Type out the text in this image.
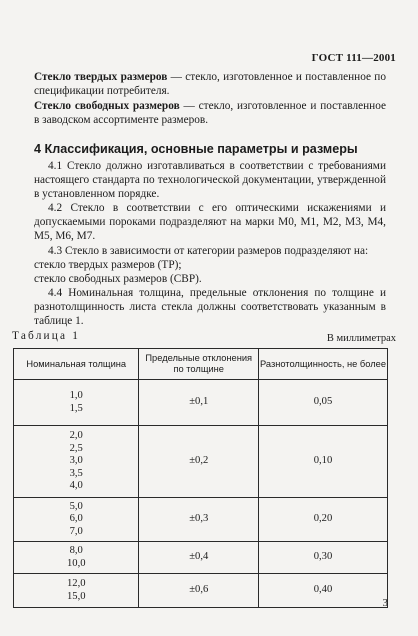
ГОСТ 111—2001

Стекло твердых размеров — стекло, изготовленное и поставленное по спецификации потребителя.

Стекло свободных размеров — стекло, изготовленное и поставленное в заводском ассортименте размеров.

4 Классификация, основные параметры и размеры

4.1 Стекло должно изготавливаться в соответствии с требованиями настоящего стандарта по технологической документации, утвержденной в установленном порядке.

4.2 Стекло в соответствии с его оптическими искажениями и допускаемыми пороками подразделяют на марки М0, М1, М2, М3, М4, М5, М6, М7.

4.3 Стекло в зависимости от категории размеров подразделяют на:

стекло твердых размеров (ТР);

стекло свободных размеров (СВР).

4.4 Номинальная толщина, предельные отклонения по толщине и разнотолщинность листа стекла должны соответствовать указанным в таблице 1.

Таблица 1	В миллиметрах
Номинальная толщина	Предельные отклонения по толщине	Разнотолщинность, не более

1,0
1,5	±0,1	0,05

2,0
2,5
3,0
3,5
4,0	±0,2	0,10

5,0
6,0
7,0	±0,3	0,20

8,0
10,0	±0,4	0,30

12,0
15,0	±0,6	0,40
3
